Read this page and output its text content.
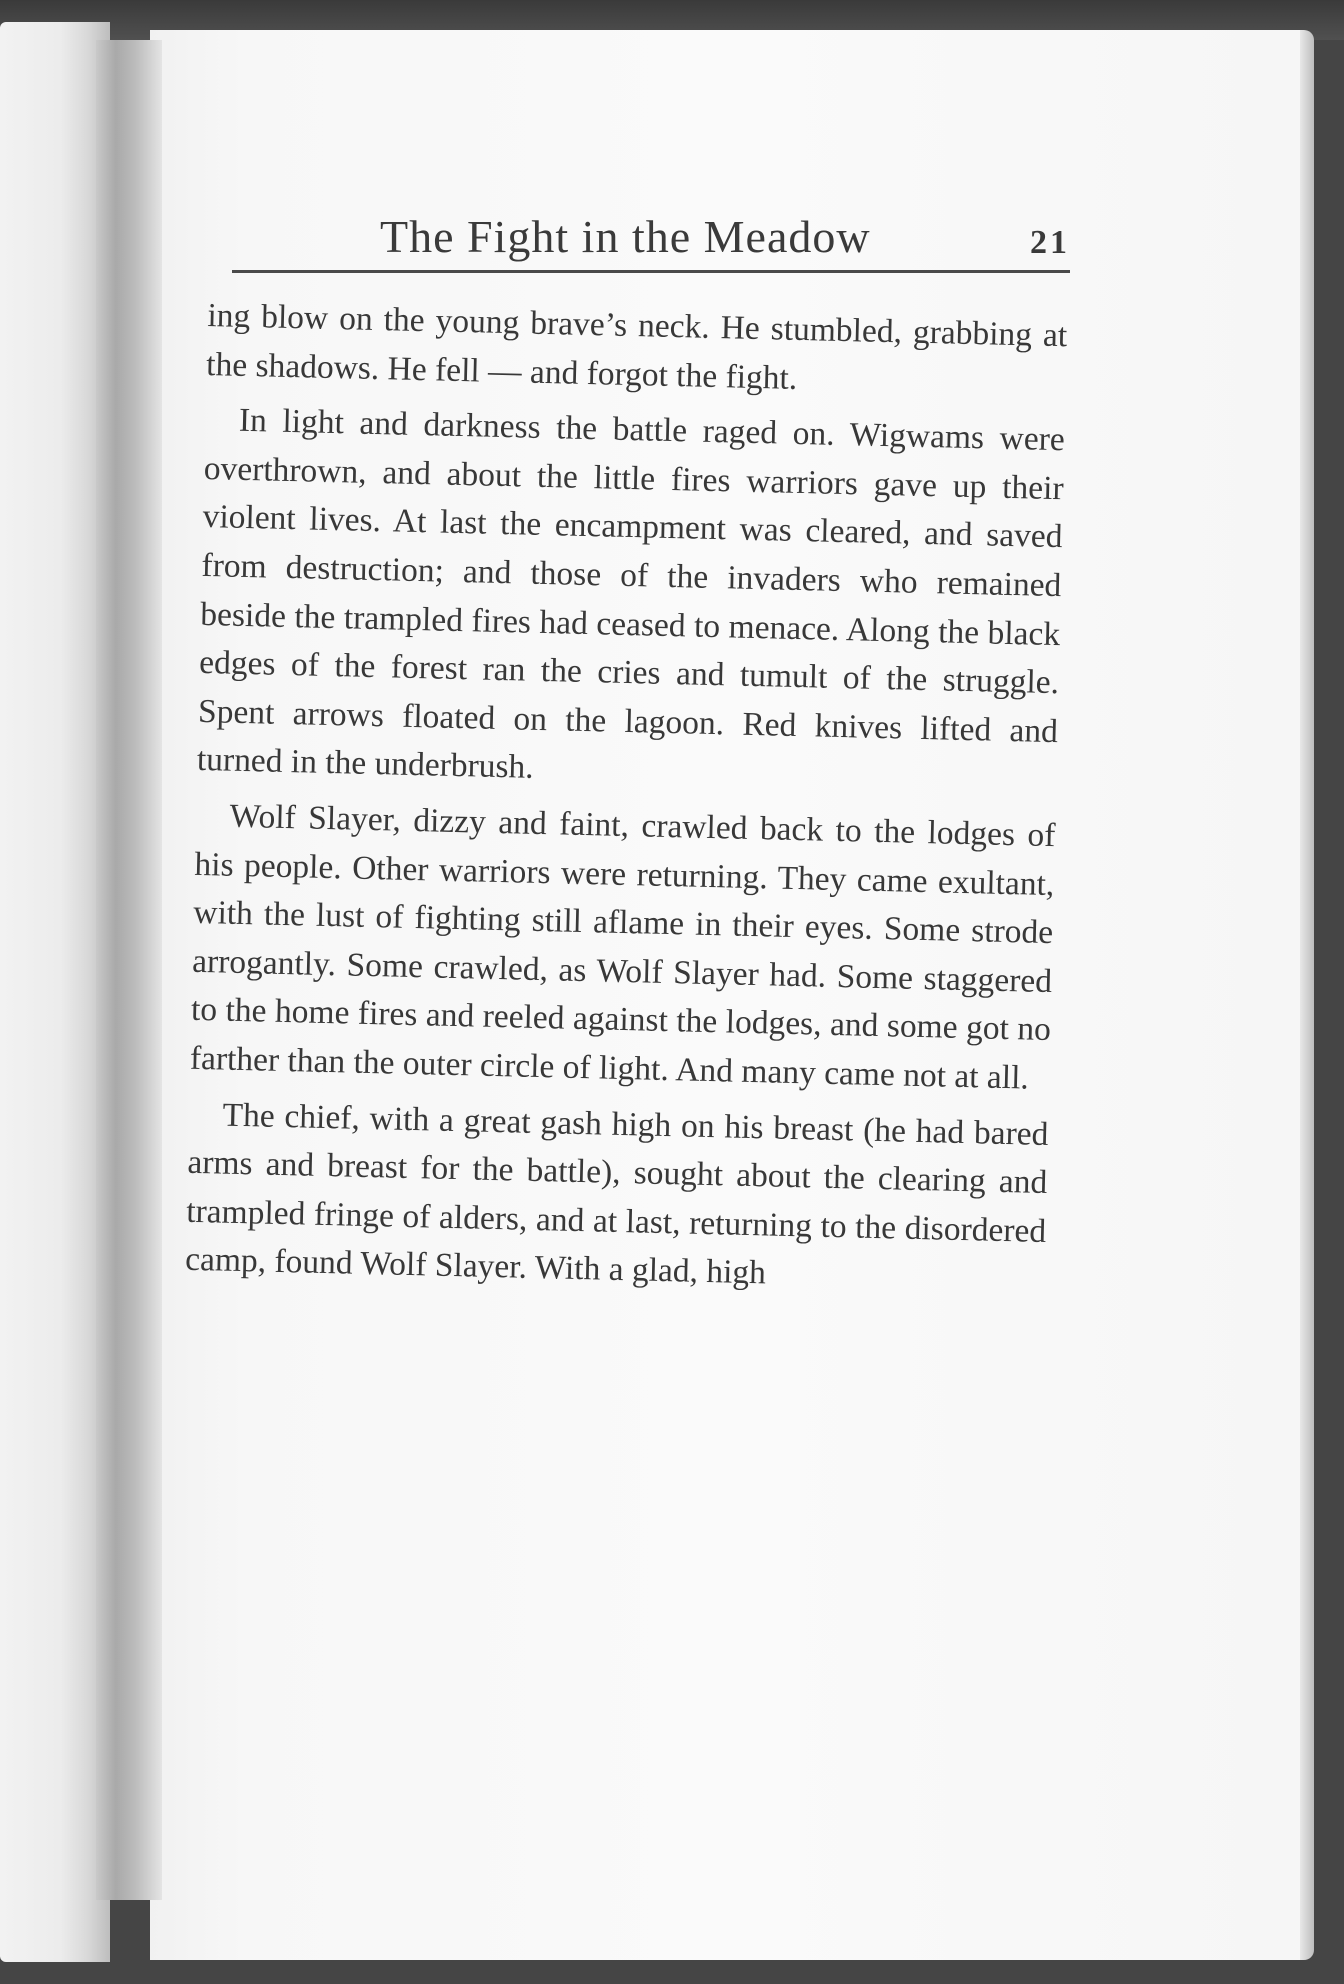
The Fight in the Meadow	21

ing blow on the young brave’s neck. He stumbled, grabbing at the shadows. He fell — and forgot the fight.

In light and darkness the battle raged on. Wigwams were overthrown, and about the little fires warriors gave up their violent lives. At last the encampment was cleared, and saved from destruction; and those of the invaders who remained beside the trampled fires had ceased to menace. Along the black edges of the forest ran the cries and tumult of the struggle. Spent arrows floated on the lagoon. Red knives lifted and turned in the underbrush.

Wolf Slayer, dizzy and faint, crawled back to the lodges of his people. Other warriors were returning. They came exultant, with the lust of fighting still aflame in their eyes. Some strode arrogantly. Some crawled, as Wolf Slayer had. Some staggered to the home fires and reeled against the lodges, and some got no farther than the outer circle of light. And many came not at all.

The chief, with a great gash high on his breast (he had bared arms and breast for the battle), sought about the clearing and trampled fringe of alders, and at last, returning to the disordered camp, found Wolf Slayer. With a glad, high
